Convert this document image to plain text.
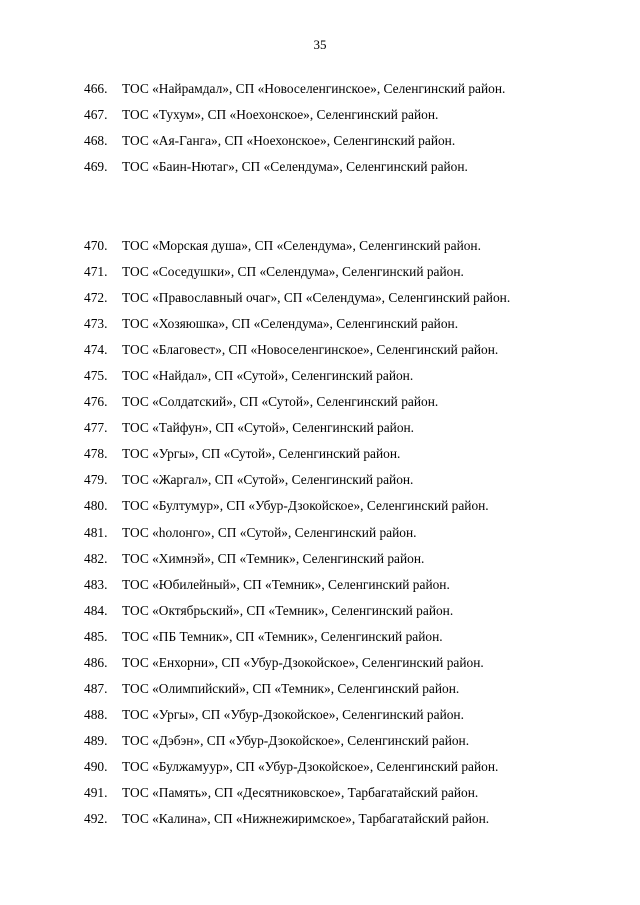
35
466. ТОС «Найрамдал», СП «Новоселенгинское», Селенгинский район.
467. ТОС «Тухум», СП «Ноехонское», Селенгинский район.
468. ТОС «Ая-Ганга», СП «Ноехонское», Селенгинский район.
469. ТОС «Баин-Нютаг», СП «Селендума», Селенгинский район.
470. ТОС «Морская душа», СП «Селендума», Селенгинский район.
471. ТОС «Соседушки», СП «Селендума», Селенгинский район.
472. ТОС «Православный очаг», СП «Селендума», Селенгинский район.
473. ТОС «Хозяюшка», СП «Селендума», Селенгинский район.
474. ТОС «Благовест», СП «Новоселенгинское», Селенгинский район.
475. ТОС «Найдал», СП «Сутой», Селенгинский район.
476. ТОС «Солдатский», СП «Сутой», Селенгинский район.
477. ТОС «Тайфун», СП «Сутой», Селенгинский район.
478. ТОС «Ургы», СП «Сутой», Селенгинский район.
479. ТОС «Жаргал», СП «Сутой», Селенгинский район.
480. ТОС «Бултумур», СП «Убур-Дзокойское», Селенгинский район.
481. ТОС «hолонго», СП «Сутой», Селенгинский район.
482. ТОС «Химнэй», СП «Темник», Селенгинский район.
483. ТОС «Юбилейный», СП «Темник», Селенгинский район.
484. ТОС «Октябрьский», СП «Темник», Селенгинский район.
485. ТОС «ПБ Темник», СП «Темник», Селенгинский район.
486. ТОС «Енхорни», СП «Убур-Дзокойское», Селенгинский район.
487. ТОС «Олимпийский», СП «Темник», Селенгинский район.
488. ТОС «Ургы», СП «Убур-Дзокойское», Селенгинский район.
489. ТОС «Дэбэн», СП «Убур-Дзокойское», Селенгинский район.
490. ТОС «Булжамуур», СП «Убур-Дзокойское», Селенгинский район.
491. ТОС «Память», СП «Десятниковское», Тарбагатайский район.
492. ТОС «Калина», СП «Нижнежиримское», Тарбагатайский район.
